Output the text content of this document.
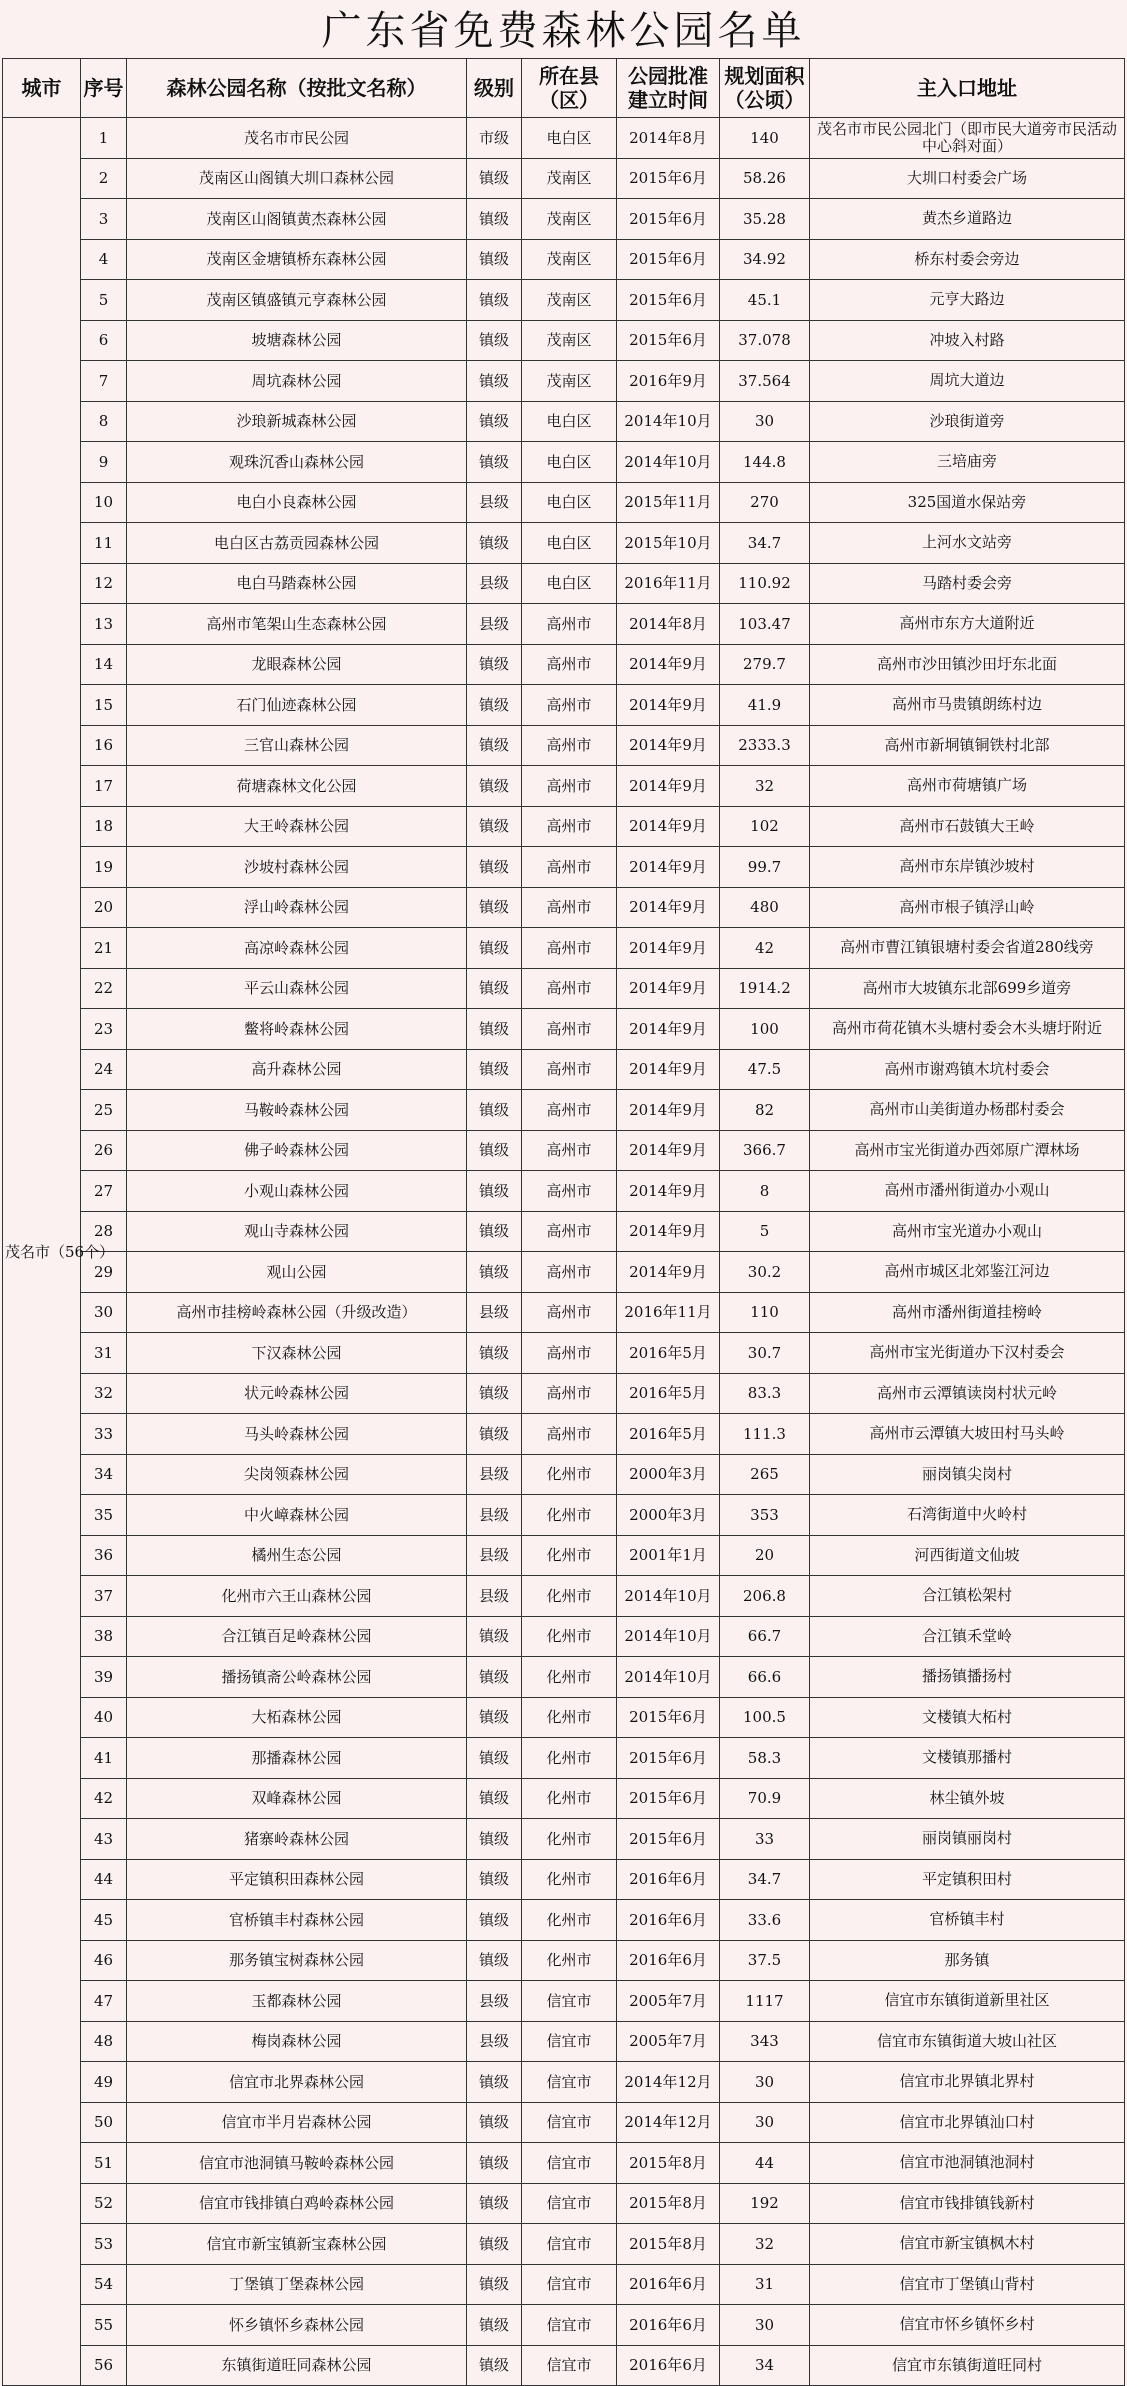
广东省免费森林公园名单
城市	序号	森林公园名称（按批文名称）	级别	所在县（区）	公园批准建立时间	规划面积（公顷）	主入口地址
茂名市（56个）	1	茂名市市民公园	市级	电白区	2014年8月	140	茂名市市民公园北门（即市民大道旁市民活动中心斜对面）
	2	茂南区山阁镇大圳口森林公园	镇级	茂南区	2015年6月	58.26	大圳口村委会广场
	3	茂南区山阁镇黄杰森林公园	镇级	茂南区	2015年6月	35.28	黄杰乡道路边
	4	茂南区金塘镇桥东森林公园	镇级	茂南区	2015年6月	34.92	桥东村委会旁边
	5	茂南区镇盛镇元亨森林公园	镇级	茂南区	2015年6月	45.1	元亨大路边
	6	坡塘森林公园	镇级	茂南区	2015年6月	37.078	冲坡入村路
	7	周坑森林公园	镇级	茂南区	2016年9月	37.564	周坑大道边
	8	沙琅新城森林公园	镇级	电白区	2014年10月	30	沙琅街道旁
	9	观珠沉香山森林公园	镇级	电白区	2014年10月	144.8	三培庙旁
	10	电白小良森林公园	县级	电白区	2015年11月	270	325国道水保站旁
	11	电白区古荔贡园森林公园	镇级	电白区	2015年10月	34.7	上河水文站旁
	12	电白马踏森林公园	县级	电白区	2016年11月	110.92	马踏村委会旁
	13	高州市笔架山生态森林公园	县级	高州市	2014年8月	103.47	高州市东方大道附近
	14	龙眼森林公园	镇级	高州市	2014年9月	279.7	高州市沙田镇沙田圩东北面
	15	石门仙迹森林公园	镇级	高州市	2014年9月	41.9	高州市马贵镇朗练村边
	16	三官山森林公园	镇级	高州市	2014年9月	2333.3	高州市新垌镇铜铁村北部
	17	荷塘森林文化公园	镇级	高州市	2014年9月	32	高州市荷塘镇广场
	18	大王岭森林公园	镇级	高州市	2014年9月	102	高州市石鼓镇大王岭
	19	沙坡村森林公园	镇级	高州市	2014年9月	99.7	高州市东岸镇沙坡村
	20	浮山岭森林公园	镇级	高州市	2014年9月	480	高州市根子镇浮山岭
	21	高凉岭森林公园	镇级	高州市	2014年9月	42	高州市曹江镇银塘村委会省道280线旁
	22	平云山森林公园	镇级	高州市	2014年9月	1914.2	高州市大坡镇东北部699乡道旁
	23	鳖将岭森林公园	镇级	高州市	2014年9月	100	高州市荷花镇木头塘村委会木头塘圩附近
	24	高升森林公园	镇级	高州市	2014年9月	47.5	高州市谢鸡镇木坑村委会
	25	马鞍岭森林公园	镇级	高州市	2014年9月	82	高州市山美街道办杨郡村委会
	26	佛子岭森林公园	镇级	高州市	2014年9月	366.7	高州市宝光街道办西郊原广潭林场
	27	小观山森林公园	镇级	高州市	2014年9月	8	高州市潘州街道办小观山
	28	观山寺森林公园	镇级	高州市	2014年9月	5	高州市宝光道办小观山
	29	观山公园	镇级	高州市	2014年9月	30.2	高州市城区北郊鉴江河边
	30	高州市挂榜岭森林公园（升级改造）	县级	高州市	2016年11月	110	高州市潘州街道挂榜岭
	31	下汉森林公园	镇级	高州市	2016年5月	30.7	高州市宝光街道办下汉村委会
	32	状元岭森林公园	镇级	高州市	2016年5月	83.3	高州市云潭镇读岗村状元岭
	33	马头岭森林公园	镇级	高州市	2016年5月	111.3	高州市云潭镇大坡田村马头岭
	34	尖岗领森林公园	县级	化州市	2000年3月	265	丽岗镇尖岗村
	35	中火嶂森林公园	县级	化州市	2000年3月	353	石湾街道中火岭村
	36	橘州生态公园	县级	化州市	2001年1月	20	河西街道文仙坡
	37	化州市六王山森林公园	县级	化州市	2014年10月	206.8	合江镇松架村
	38	合江镇百足岭森林公园	镇级	化州市	2014年10月	66.7	合江镇禾堂岭
	39	播扬镇斋公岭森林公园	镇级	化州市	2014年10月	66.6	播扬镇播扬村
	40	大柘森林公园	镇级	化州市	2015年6月	100.5	文楼镇大柘村
	41	那播森林公园	镇级	化州市	2015年6月	58.3	文楼镇那播村
	42	双峰森林公园	镇级	化州市	2015年6月	70.9	林尘镇外坡
	43	猪寨岭森林公园	镇级	化州市	2015年6月	33	丽岗镇丽岗村
	44	平定镇积田森林公园	镇级	化州市	2016年6月	34.7	平定镇积田村
	45	官桥镇丰村森林公园	镇级	化州市	2016年6月	33.6	官桥镇丰村
	46	那务镇宝树森林公园	镇级	化州市	2016年6月	37.5	那务镇
	47	玉都森林公园	县级	信宜市	2005年7月	1117	信宜市东镇街道新里社区
	48	梅岗森林公园	县级	信宜市	2005年7月	343	信宜市东镇街道大坡山社区
	49	信宜市北界森林公园	镇级	信宜市	2014年12月	30	信宜市北界镇北界村
	50	信宜市半月岩森林公园	镇级	信宜市	2014年12月	30	信宜市北界镇汕口村
	51	信宜市池洞镇马鞍岭森林公园	镇级	信宜市	2015年8月	44	信宜市池洞镇池洞村
	52	信宜市钱排镇白鸡岭森林公园	镇级	信宜市	2015年8月	192	信宜市钱排镇钱新村
	53	信宜市新宝镇新宝森林公园	镇级	信宜市	2015年8月	32	信宜市新宝镇枫木村
	54	丁堡镇丁堡森林公园	镇级	信宜市	2016年6月	31	信宜市丁堡镇山背村
	55	怀乡镇怀乡森林公园	镇级	信宜市	2016年6月	30	信宜市怀乡镇怀乡村
	56	东镇街道旺同森林公园	镇级	信宜市	2016年6月	34	信宜市东镇街道旺同村
